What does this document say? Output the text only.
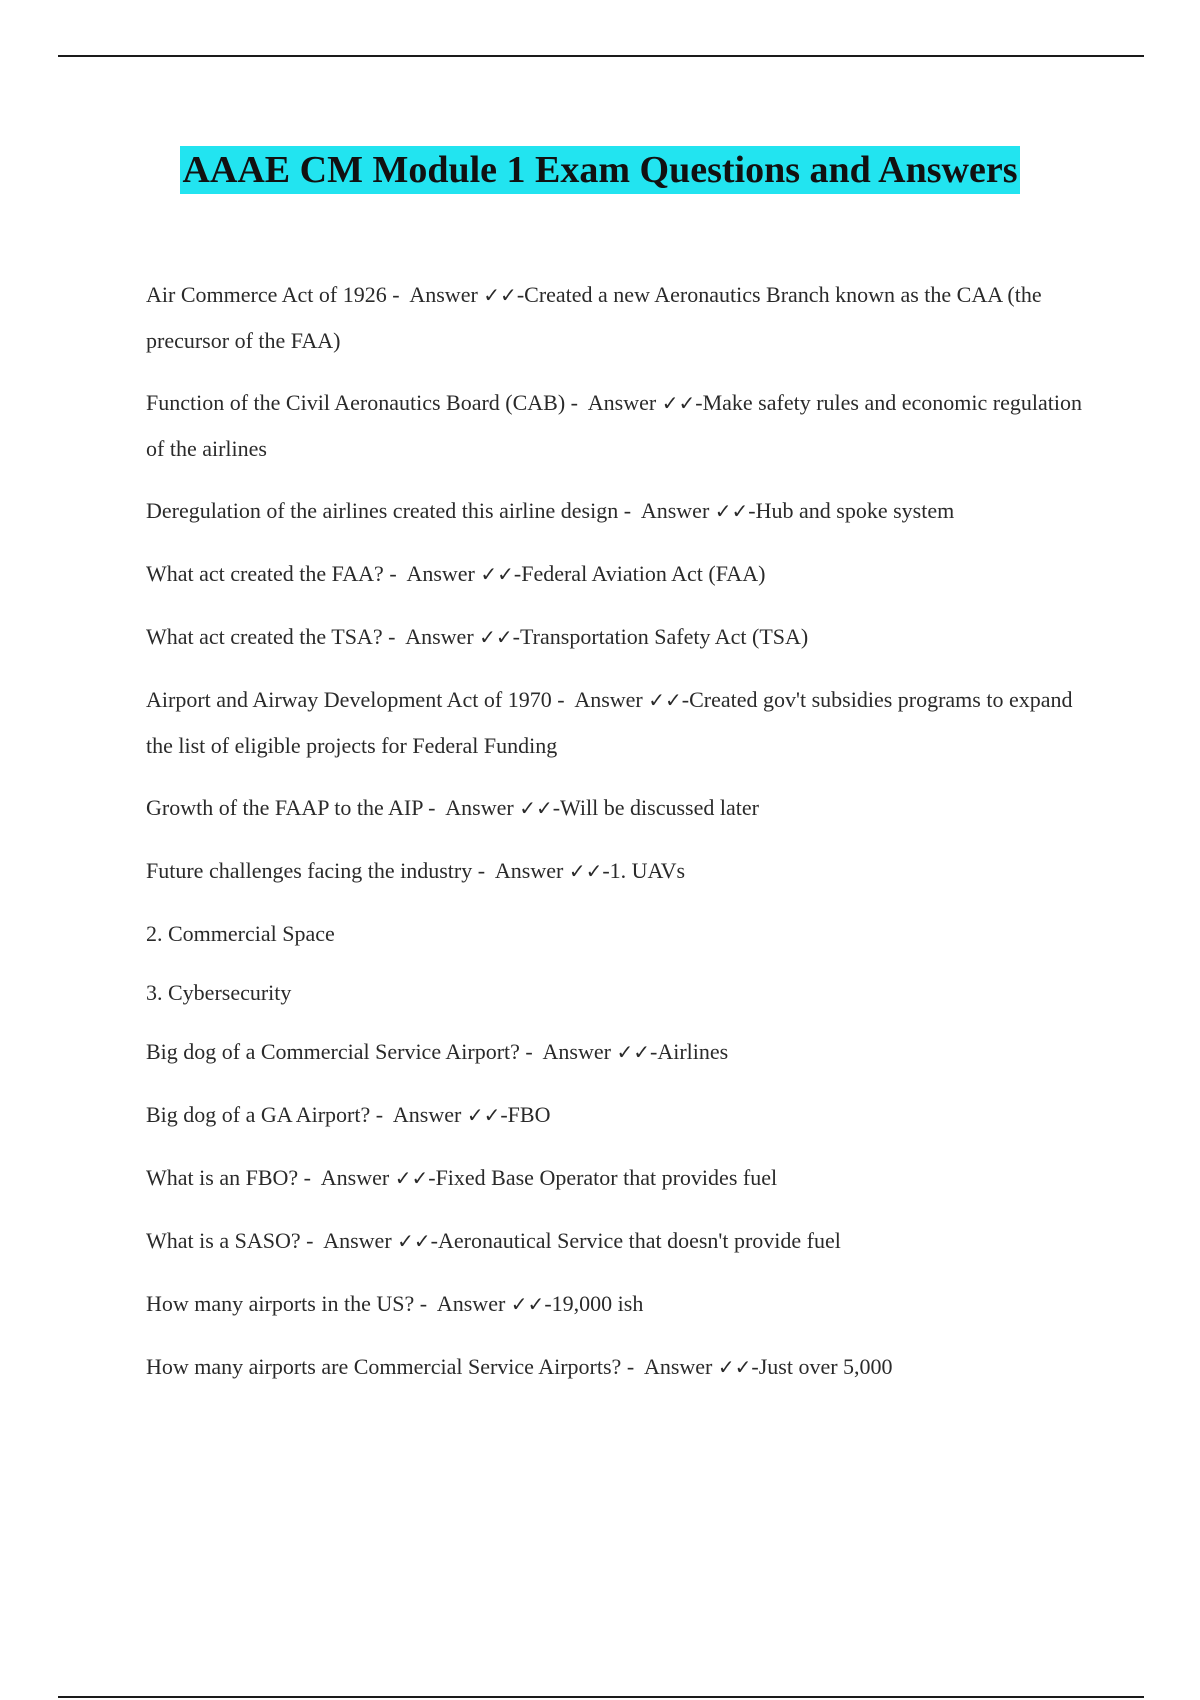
AAAE CM Module 1 Exam Questions and Answers

Air Commerce Act of 1926 -  Answer ✓✓-Created a new Aeronautics Branch known as the CAA (the precursor of the FAA)

Function of the Civil Aeronautics Board (CAB) -  Answer ✓✓-Make safety rules and economic regulation of the airlines

Deregulation of the airlines created this airline design -  Answer ✓✓-Hub and spoke system

What act created the FAA? -  Answer ✓✓-Federal Aviation Act (FAA)

What act created the TSA? -  Answer ✓✓-Transportation Safety Act (TSA)

Airport and Airway Development Act of 1970 -  Answer ✓✓-Created gov't subsidies programs to expand the list of eligible projects for Federal Funding

Growth of the FAAP to the AIP -  Answer ✓✓-Will be discussed later

Future challenges facing the industry -  Answer ✓✓-1. UAVs

2. Commercial Space

3. Cybersecurity

Big dog of a Commercial Service Airport? -  Answer ✓✓-Airlines

Big dog of a GA Airport? -  Answer ✓✓-FBO

What is an FBO? -  Answer ✓✓-Fixed Base Operator that provides fuel

What is a SASO? -  Answer ✓✓-Aeronautical Service that doesn't provide fuel

How many airports in the US? -  Answer ✓✓-19,000 ish

How many airports are Commercial Service Airports? -  Answer ✓✓-Just over 5,000
